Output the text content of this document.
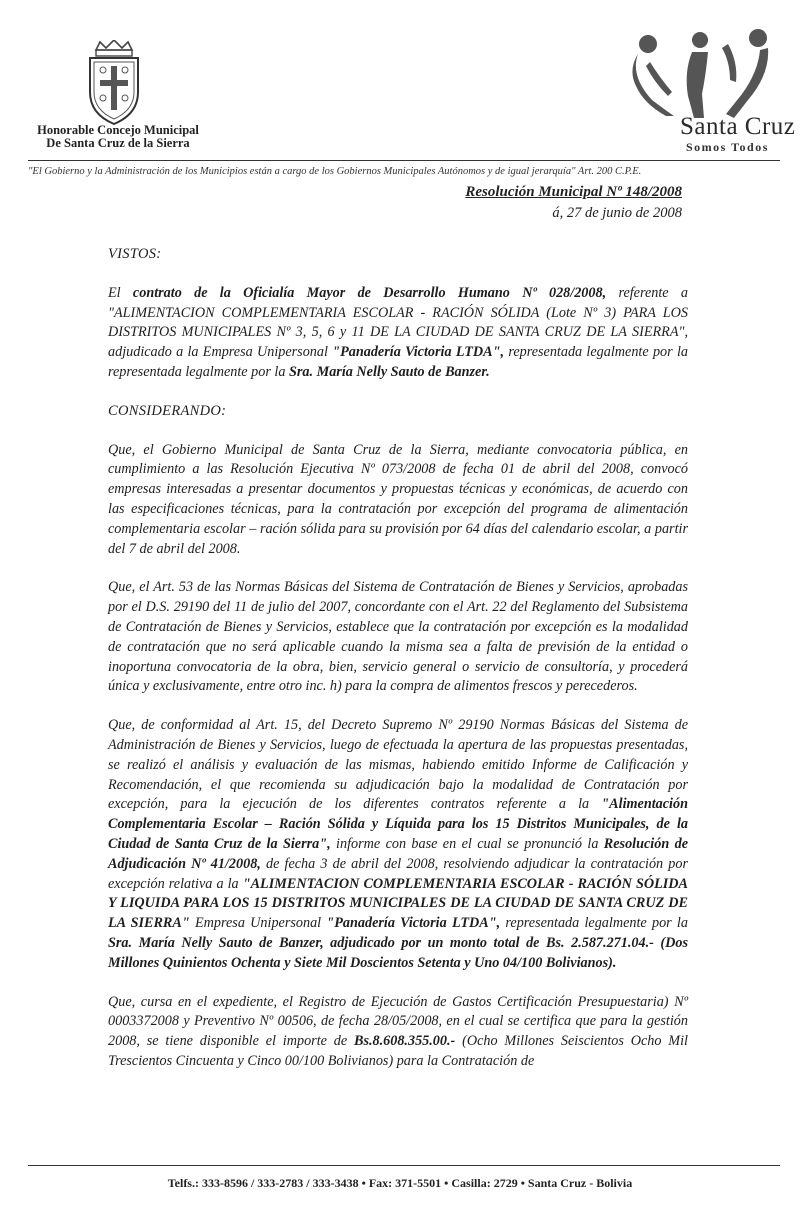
Honorable Concejo Municipal
De Santa Cruz de la Sierra
Santa Cruz
Somos Todos
"El Gobierno y la Administración de los Municipios están a cargo de los Gobiernos Municipales Autónomos y de igual jerarquía" Art. 200 C.P.E.
Resolución Municipal Nº 148/2008
á, 27 de junio de 2008
VISTOS:

El contrato de la Oficialía Mayor de Desarrollo Humano Nº 028/2008, referente a "ALIMENTACION COMPLEMENTARIA ESCOLAR - RACIÓN SÓLIDA (Lote Nº 3) PARA LOS DISTRITOS MUNICIPALES Nº 3, 5, 6 y 11 DE LA CIUDAD DE SANTA CRUZ DE LA SIERRA", adjudicado a la Empresa Unipersonal "Panadería Victoria LTDA", representada legalmente por la representada legalmente por la Sra. María Nelly Sauto de Banzer.

CONSIDERANDO:

Que, el Gobierno Municipal de Santa Cruz de la Sierra, mediante convocatoria pública, en cumplimiento a las Resolución Ejecutiva Nº 073/2008 de fecha 01 de abril del 2008, convocó empresas interesadas a presentar documentos y propuestas técnicas y económicas, de acuerdo con las especificaciones técnicas, para la contratación por excepción del programa de alimentación complementaria escolar – ración sólida para su provisión por 64 días del calendario escolar, a partir del 7 de abril del 2008.

Que, el Art. 53 de las Normas Básicas del Sistema de Contratación de Bienes y Servicios, aprobadas por el D.S. 29190 del 11 de julio del 2007, concordante con el Art. 22 del Reglamento del Subsistema de Contratación de Bienes y Servicios, establece que la contratación por excepción es la modalidad de contratación que no será aplicable cuando la misma sea a falta de previsión de la entidad o inoportuna convocatoria de la obra, bien, servicio general o servicio de consultoría, y procederá única y exclusivamente, entre otro inc. h) para la compra de alimentos frescos y perecederos.

Que, de conformidad al Art. 15, del Decreto Supremo Nº 29190 Normas Básicas del Sistema de Administración de Bienes y Servicios, luego de efectuada la apertura de las propuestas presentadas, se realizó el análisis y evaluación de las mismas, habiendo emitido Informe de Calificación y Recomendación, el que recomienda su adjudicación bajo la modalidad de Contratación por excepción, para la ejecución de los diferentes contratos referente a la "Alimentación Complementaria Escolar – Ración Sólida y Líquida para los 15 Distritos Municipales, de la Ciudad de Santa Cruz de la Sierra", informe con base en el cual se pronunció la Resolución de Adjudicación Nº 41/2008, de fecha 3 de abril del 2008, resolviendo adjudicar la contratación por excepción relativa a la "ALIMENTACION COMPLEMENTARIA ESCOLAR - RACIÓN SÓLIDA Y LIQUIDA PARA LOS 15 DISTRITOS MUNICIPALES DE LA CIUDAD DE SANTA CRUZ DE LA SIERRA" Empresa Unipersonal "Panadería Victoria LTDA", representada legalmente por la Sra. María Nelly Sauto de Banzer, adjudicado por un monto total de Bs. 2.587.271.04.- (Dos Millones Quinientos Ochenta y Siete Mil Doscientos Setenta y Uno 04/100 Bolivianos).

Que, cursa en el expediente, el Registro de Ejecución de Gastos Certificación Presupuestaria) Nº 0003372008 y Preventivo Nº 00506, de fecha 28/05/2008, en el cual se certifica que para la gestión 2008, se tiene disponible el importe de Bs.8.608.355.00.- (Ocho Millones Seiscientos Ocho Mil Trescientos Cincuenta y Cinco 00/100 Bolivianos) para la Contratación de

Telfs.: 333-8596 / 333-2783 / 333-3438 • Fax: 371-5501 • Casilla: 2729 • Santa Cruz - Bolivia
